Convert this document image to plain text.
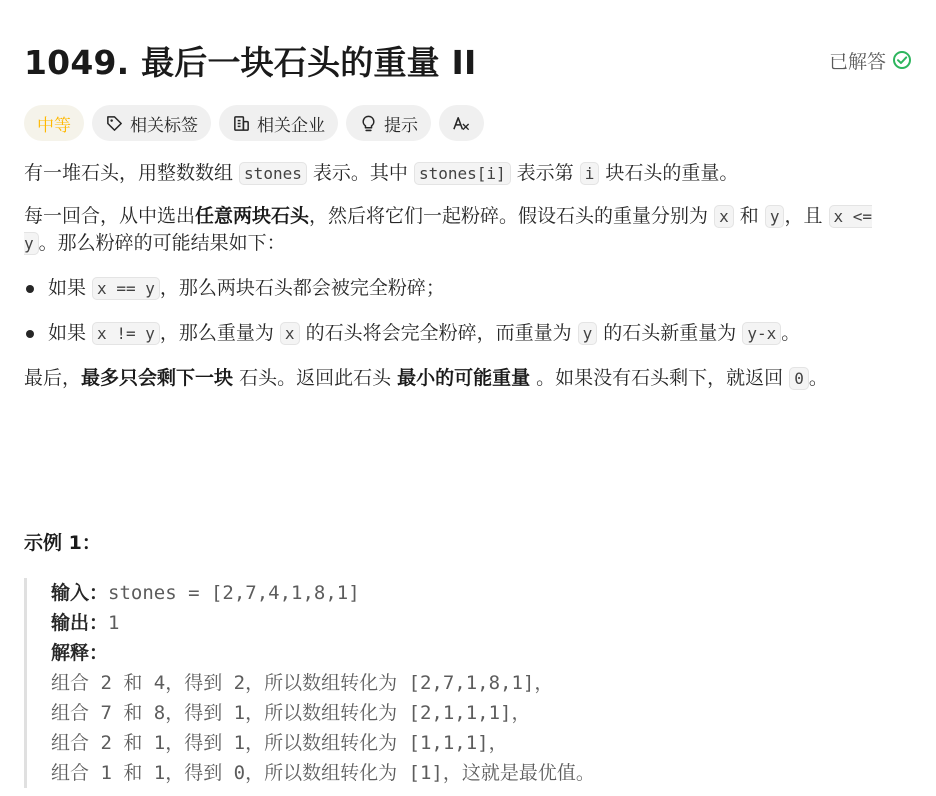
1049. 最后一块石头的重量 II	已解答
中等	相关标签	相关企业	提示

有一堆石头，用整数数组 stones 表示。其中 stones[i] 表示第 i 块石头的重量。

每一回合，从中选出任意两块石头，然后将它们一起粉碎。假设石头的重量分别为 x 和 y ，且 x <= y 。那么粉碎的可能结果如下：

如果 x == y ，那么两块石头都会被完全粉碎；
如果 x != y ，那么重量为 x 的石头将会完全粉碎，而重量为 y 的石头新重量为 y-x 。

最后，最多只会剩下一块 石头。返回此石头 最小的可能重量 。如果没有石头剩下，就返回 0 。

示例 1：
输入：stones = [2,7,4,1,8,1]
输出：1
解释：
组合 2 和 4，得到 2，所以数组转化为 [2,7,1,8,1]，
组合 7 和 8，得到 1，所以数组转化为 [2,1,1,1]，
组合 2 和 1，得到 1，所以数组转化为 [1,1,1]，
组合 1 和 1，得到 0，所以数组转化为 [1]，这就是最优值。
